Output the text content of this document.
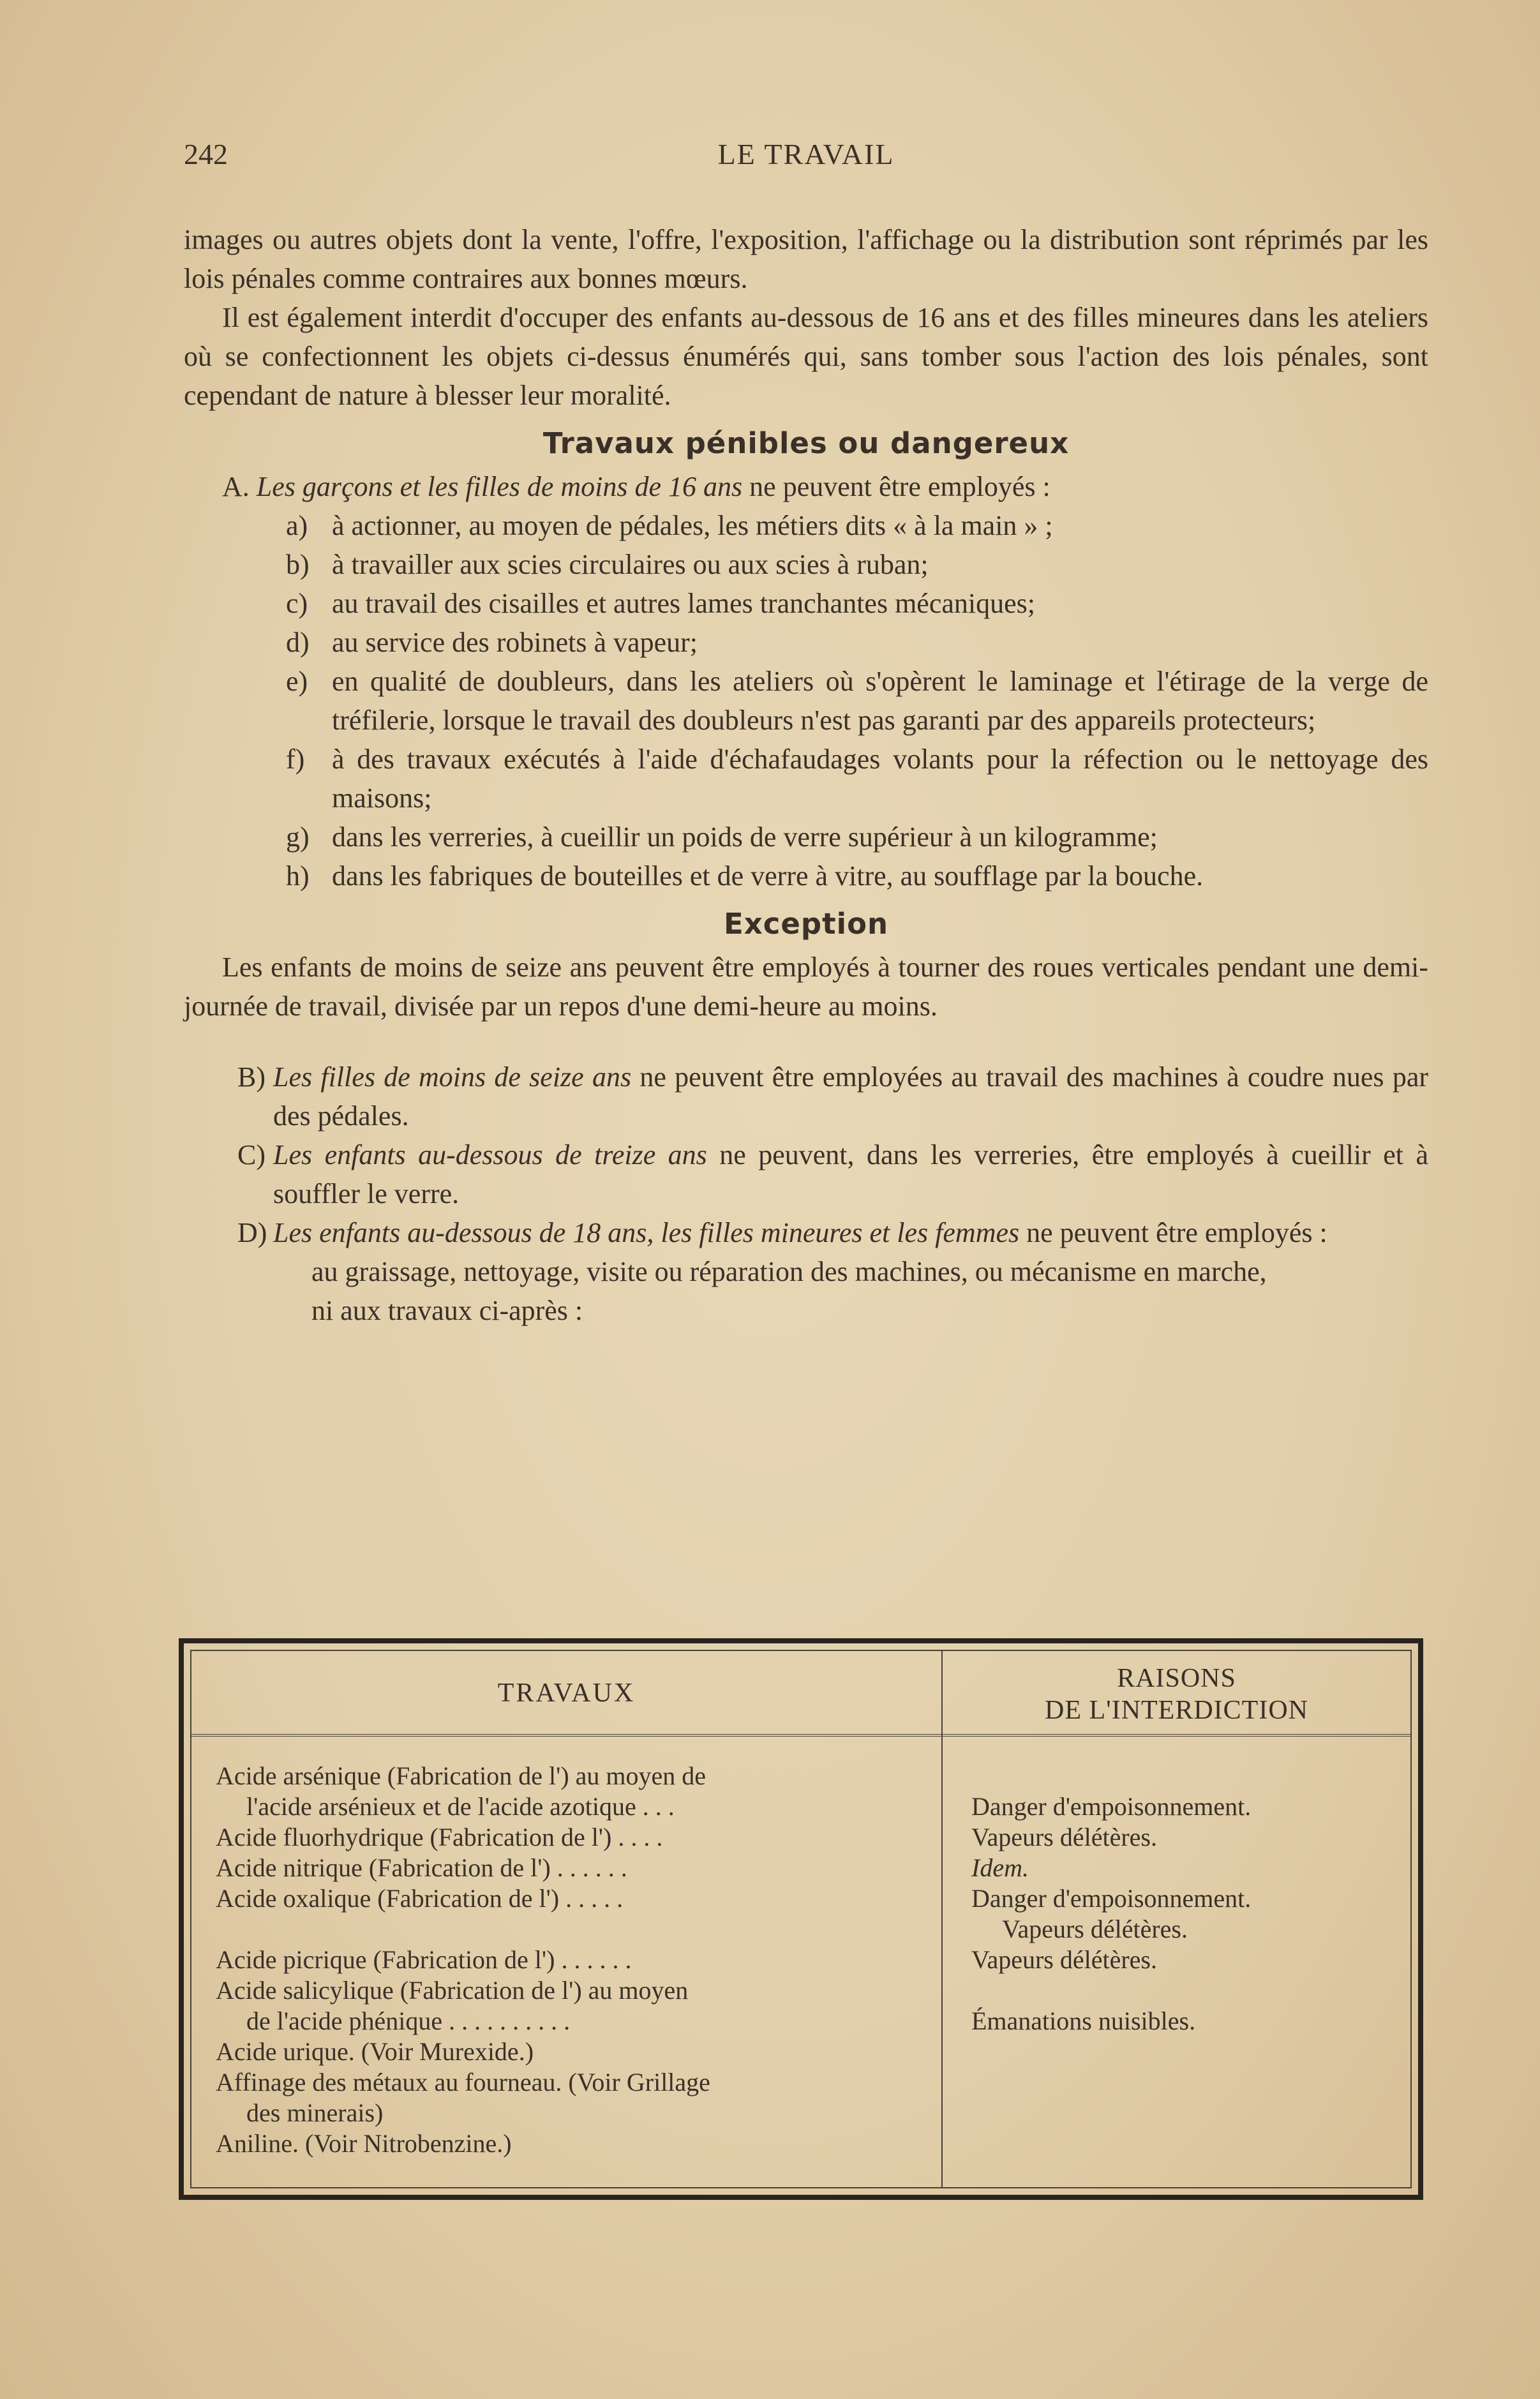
242	LE TRAVAIL

images ou autres objets dont la vente, l'offre, l'exposition, l'affichage ou la distribution sont réprimés par les lois pénales comme contraires aux bonnes mœurs.

Il est également interdit d'occuper des enfants au-dessous de 16 ans et des filles mineures dans les ateliers où se confectionnent les objets ci-dessus énumérés qui, sans tomber sous l'action des lois pénales, sont cependant de nature à blesser leur moralité.

Travaux pénibles ou dangereux

A. Les garçons et les filles de moins de 16 ans ne peuvent être employés :

a) à actionner, au moyen de pédales, les métiers dits « à la main » ;
b) à travailler aux scies circulaires ou aux scies à ruban;
c) au travail des cisailles et autres lames tranchantes mécaniques;
d) au service des robinets à vapeur;
e) en qualité de doubleurs, dans les ateliers où s'opèrent le laminage et l'étirage de la verge de tréfilerie, lorsque le travail des doubleurs n'est pas garanti par des appareils protecteurs;
f) à des travaux exécutés à l'aide d'échafaudages volants pour la réfection ou le nettoyage des maisons;
g) dans les verreries, à cueillir un poids de verre supérieur à un kilogramme;
h) dans les fabriques de bouteilles et de verre à vitre, au soufflage par la bouche.
Exception

Les enfants de moins de seize ans peuvent être employés à tourner des roues verticales pendant une demi-journée de travail, divisée par un repos d'une demi-heure au moins.

B) Les filles de moins de seize ans ne peuvent être employées au travail des machines à coudre nues par des pédales.

C) Les enfants au-dessous de treize ans ne peuvent, dans les verreries, être employés à cueillir et à souffler le verre.

D) Les enfants au-dessous de 18 ans, les filles mineures et les femmes ne peuvent être employés :

au graissage, nettoyage, visite ou réparation des machines, ou mécanisme en marche,

ni aux travaux ci-après :

TRAVAUX	RAISONS
DE L'INTERDICTION
Acide arsénique (Fabrication de l') au moyen de
l'acide arsénieux et de l'acide azotique . . .
Acide fluorhydrique (Fabrication de l') . . . .
Acide nitrique (Fabrication de l') . . . . . .
Acide oxalique (Fabrication de l') . . . . .
Acide picrique (Fabrication de l') . . . . . .
Acide salicylique (Fabrication de l') au moyen
de l'acide phénique . . . . . . . . . .
Acide urique. (Voir Murexide.)
Affinage des métaux au fourneau. (Voir Grillage
des minerais)
Aniline. (Voir Nitrobenzine.)
Danger d'empoisonnement.
Vapeurs délétères.
Idem.
Danger d'empoisonnement.
Vapeurs délétères.
Vapeurs délétères.
Émanations nuisibles.
